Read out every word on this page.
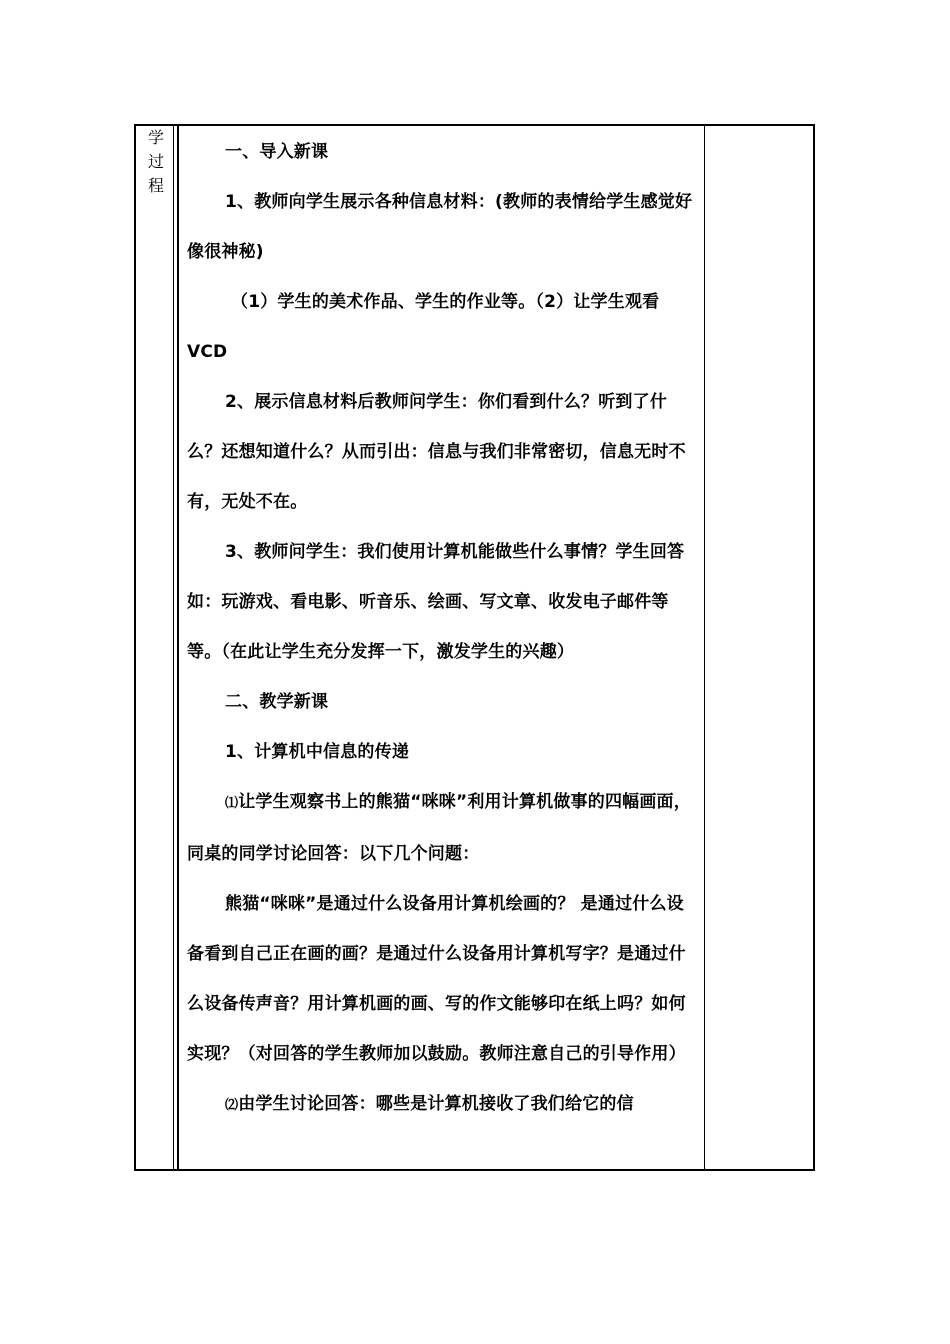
学
过
程

一、导入新课

1、教师向学生展示各种信息材料：(教师的表情给学生感觉好像很神秘)

（1）学生的美术作品、学生的作业等。（2）让学生观看VCD

2、展示信息材料后教师问学生：你们看到什么？听到了什么？还想知道什么？从而引出：信息与我们非常密切，信息无时不有，无处不在。

3、教师问学生：我们使用计算机能做些什么事情？学生回答如：玩游戏、看电影、听音乐、绘画、写文章、收发电子邮件等等。（在此让学生充分发挥一下，激发学生的兴趣）

二、教学新课

1、计算机中信息的传递

⑴让学生观察书上的熊猫“咪咪”利用计算机做事的四幅画面，同桌的同学讨论回答：以下几个问题：

熊猫“咪咪”是通过什么设备用计算机绘画的？ 是通过什么设备看到自己正在画的画？是通过什么设备用计算机写字？是通过什么设备传声音？用计算机画的画、写的作文能够印在纸上吗？如何实现？（对回答的学生教师加以鼓励。教师注意自己的引导作用）

⑵由学生讨论回答：哪些是计算机接收了我们给它的信
